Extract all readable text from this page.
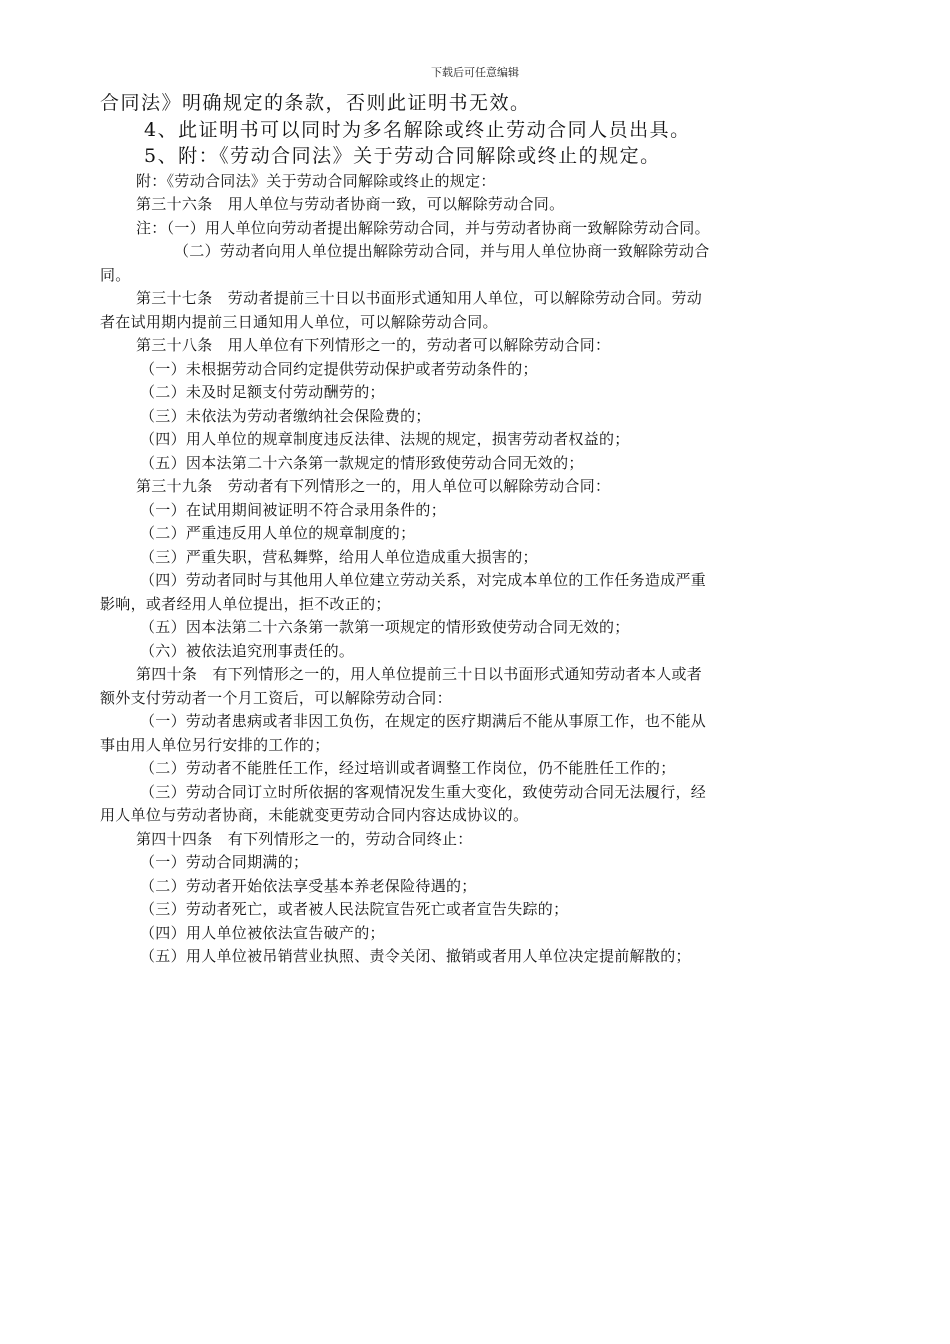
下载后可任意编辑

合同法》明确规定的条款，否则此证明书无效。

4、此证明书可以同时为多名解除或终止劳动合同人员出具。

5、附：《劳动合同法》关于劳动合同解除或终止的规定。

附：《劳动合同法》关于劳动合同解除或终止的规定：

第三十六条　用人单位与劳动者协商一致，可以解除劳动合同。

注：（一）用人单位向劳动者提出解除劳动合同，并与劳动者协商一致解除劳动合同。

（二）劳动者向用人单位提出解除劳动合同，并与用人单位协商一致解除劳动合

同。

第三十七条　劳动者提前三十日以书面形式通知用人单位，可以解除劳动合同。劳动

者在试用期内提前三日通知用人单位，可以解除劳动合同。

第三十八条　用人单位有下列情形之一的，劳动者可以解除劳动合同：

（一）未根据劳动合同约定提供劳动保护或者劳动条件的；

（二）未及时足额支付劳动酬劳的；

（三）未依法为劳动者缴纳社会保险费的；

（四）用人单位的规章制度违反法律、法规的规定，损害劳动者权益的；

（五）因本法第二十六条第一款规定的情形致使劳动合同无效的；

第三十九条　劳动者有下列情形之一的，用人单位可以解除劳动合同：

（一）在试用期间被证明不符合录用条件的；

（二）严重违反用人单位的规章制度的；

（三）严重失职，营私舞弊，给用人单位造成重大损害的；

（四）劳动者同时与其他用人单位建立劳动关系，对完成本单位的工作任务造成严重

影响，或者经用人单位提出，拒不改正的；

（五）因本法第二十六条第一款第一项规定的情形致使劳动合同无效的；

（六）被依法追究刑事责任的。

第四十条　有下列情形之一的，用人单位提前三十日以书面形式通知劳动者本人或者

额外支付劳动者一个月工资后，可以解除劳动合同：

（一）劳动者患病或者非因工负伤，在规定的医疗期满后不能从事原工作，也不能从

事由用人单位另行安排的工作的；

（二）劳动者不能胜任工作，经过培训或者调整工作岗位，仍不能胜任工作的；

（三）劳动合同订立时所依据的客观情况发生重大变化，致使劳动合同无法履行，经

用人单位与劳动者协商，未能就变更劳动合同内容达成协议的。

第四十四条　有下列情形之一的，劳动合同终止：

（一）劳动合同期满的；

（二）劳动者开始依法享受基本养老保险待遇的；

（三）劳动者死亡，或者被人民法院宣告死亡或者宣告失踪的；

（四）用人单位被依法宣告破产的；

（五）用人单位被吊销营业执照、责令关闭、撤销或者用人单位决定提前解散的；
